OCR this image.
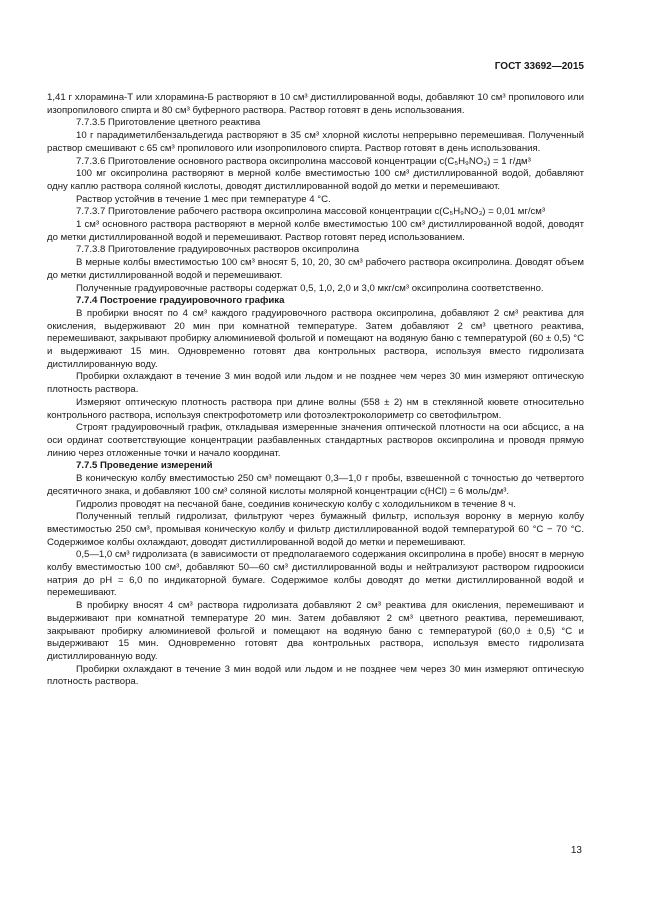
ГОСТ 33692—2015

1,41 г хлорамина-Т или хлорамина-Б растворяют в 10 см³ дистиллированной воды, добавляют 10 см³ пропилового или изопропилового спирта и 80 см³ буферного раствора. Раствор готовят в день использования.

7.7.3.5 Приготовление цветного реактива

10 г парадиметилбензальдегида растворяют в 35 см³ хлорной кислоты непрерывно перемешивая. Полученный раствор смешивают с 65 см³ пропилового или изопропилового спирта. Раствор готовят в день использования.

7.7.3.6 Приготовление основного раствора оксипролина массовой концентрации c(C₅H₉NO₃) = 1 г/дм³

100 мг оксипролина растворяют в мерной колбе вместимостью 100 см³ дистиллированной водой, добавляют одну каплю раствора соляной кислоты, доводят дистиллированной водой до метки и перемешивают.

Раствор устойчив в течение 1 мес при температуре 4 °С.

7.7.3.7 Приготовление рабочего раствора оксипролина массовой концентрации c(C₅H₉NO₃) = 0,01 мг/см³

1 см³ основного раствора растворяют в мерной колбе вместимостью 100 см³ дистиллированной водой, доводят до метки дистиллированной водой и перемешивают. Раствор готовят перед использованием.

7.7.3.8 Приготовление градуировочных растворов оксипролина

В мерные колбы вместимостью 100 см³ вносят 5, 10, 20, 30 см³ рабочего раствора оксипролина. Доводят объем до метки дистиллированной водой и перемешивают.

Полученные градуировочные растворы содержат 0,5, 1,0, 2,0 и 3,0 мкг/см³ оксипролина соответственно.

7.7.4 Построение градуировочного графика

В пробирки вносят по 4 см³ каждого градуировочного раствора оксипролина, добавляют 2 см³ реактива для окисления, выдерживают 20 мин при комнатной температуре. Затем добавляют 2 см³ цветного реактива, перемешивают, закрывают пробирку алюминиевой фольгой и помещают на водяную баню с температурой (60 ± 0,5) °С и выдерживают 15 мин. Одновременно готовят два контрольных раствора, используя вместо гидролизата дистиллированную воду.

Пробирки охлаждают в течение 3 мин водой или льдом и не позднее чем через 30 мин измеряют оптическую плотность раствора.

Измеряют оптическую плотность раствора при длине волны (558 ± 2) нм в стеклянной кювете относительно контрольного раствора, используя спектрофотометр или фотоэлектроколориметр со светофильтром.

Строят градуировочный график, откладывая измеренные значения оптической плотности на оси абсцисс, а на оси ординат соответствующие концентрации разбавленных стандартных растворов оксипролина и проводя прямую линию через отложенные точки и начало координат.

7.7.5 Проведение измерений

В коническую колбу вместимостью 250 см³ помещают 0,3—1,0 г пробы, взвешенной с точностью до четвертого десятичного знака, и добавляют 100 см³ соляной кислоты молярной концентрации c(HCl) = 6 моль/дм³.

Гидролиз проводят на песчаной бане, соединив коническую колбу с холодильником в течение 8 ч.

Полученный теплый гидролизат, фильтруют через бумажный фильтр, используя воронку в мерную колбу вместимостью 250 см³, промывая коническую колбу и фильтр дистиллированной водой температурой 60 °С − 70 °С. Содержимое колбы охлаждают, доводят дистиллированной водой до метки и перемешивают.

0,5—1,0 см³ гидролизата (в зависимости от предполагаемого содержания оксипролина в пробе) вносят в мерную колбу вместимостью 100 см³, добавляют 50—60 см³ дистиллированной воды и нейтрализуют раствором гидроокиси натрия до pH = 6,0 по индикаторной бумаге. Содержимое колбы доводят до метки дистиллированной водой и перемешивают.

В пробирку вносят 4 см³ раствора гидролизата добавляют 2 см³ реактива для окисления, перемешивают и выдерживают при комнатной температуре 20 мин. Затем добавляют 2 см³ цветного реактива, перемешивают, закрывают пробирку алюминиевой фольгой и помещают на водяную баню с температурой (60,0 ± 0,5) °С и выдерживают 15 мин. Одновременно готовят два контрольных раствора, используя вместо гидролизата дистиллированную воду.

Пробирки охлаждают в течение 3 мин водой или льдом и не позднее чем через 30 мин измеряют оптическую плотность раствора.

13
